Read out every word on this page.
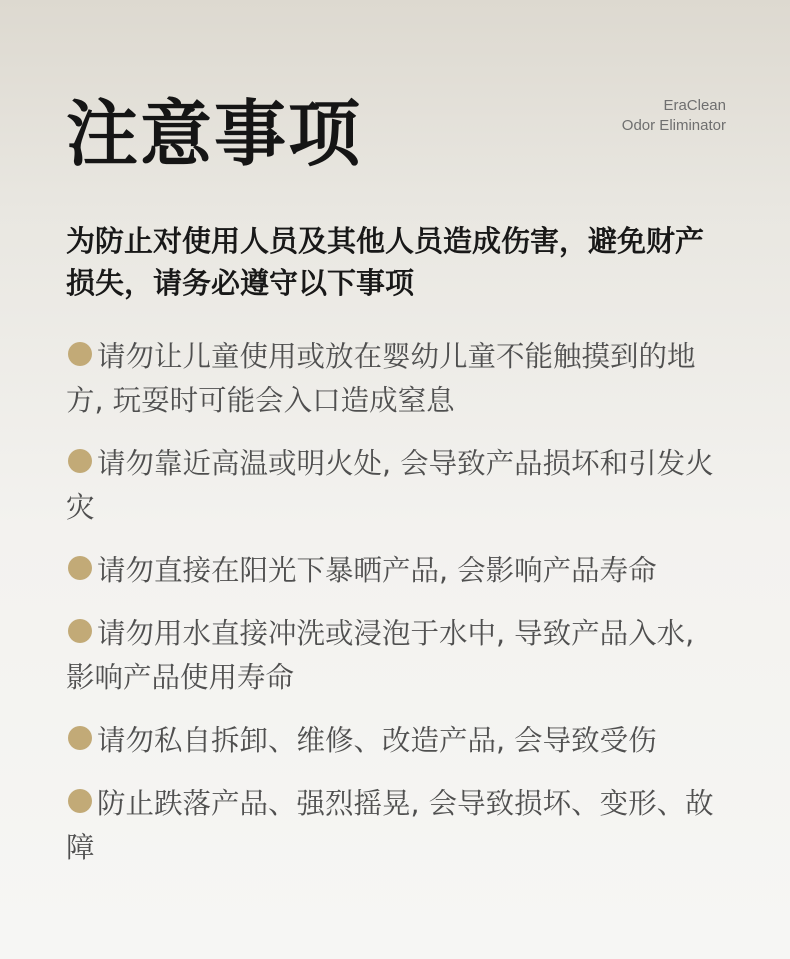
注意事项	EraClean
Odor Eliminator

为防止对使用人员及其他人员造成伤害，避免财产损失，请务必遵守以下事项

请勿让儿童使用或放在婴幼儿童不能触摸到的地方, 玩耍时可能会入口造成窒息
请勿靠近高温或明火处, 会导致产品损坏和引发火灾
请勿直接在阳光下暴晒产品, 会影响产品寿命
请勿用水直接冲洗或浸泡于水中, 导致产品入水, 影响产品使用寿命
请勿私自拆卸、维修、改造产品, 会导致受伤
防止跌落产品、强烈摇晃, 会导致损坏、变形、故障
